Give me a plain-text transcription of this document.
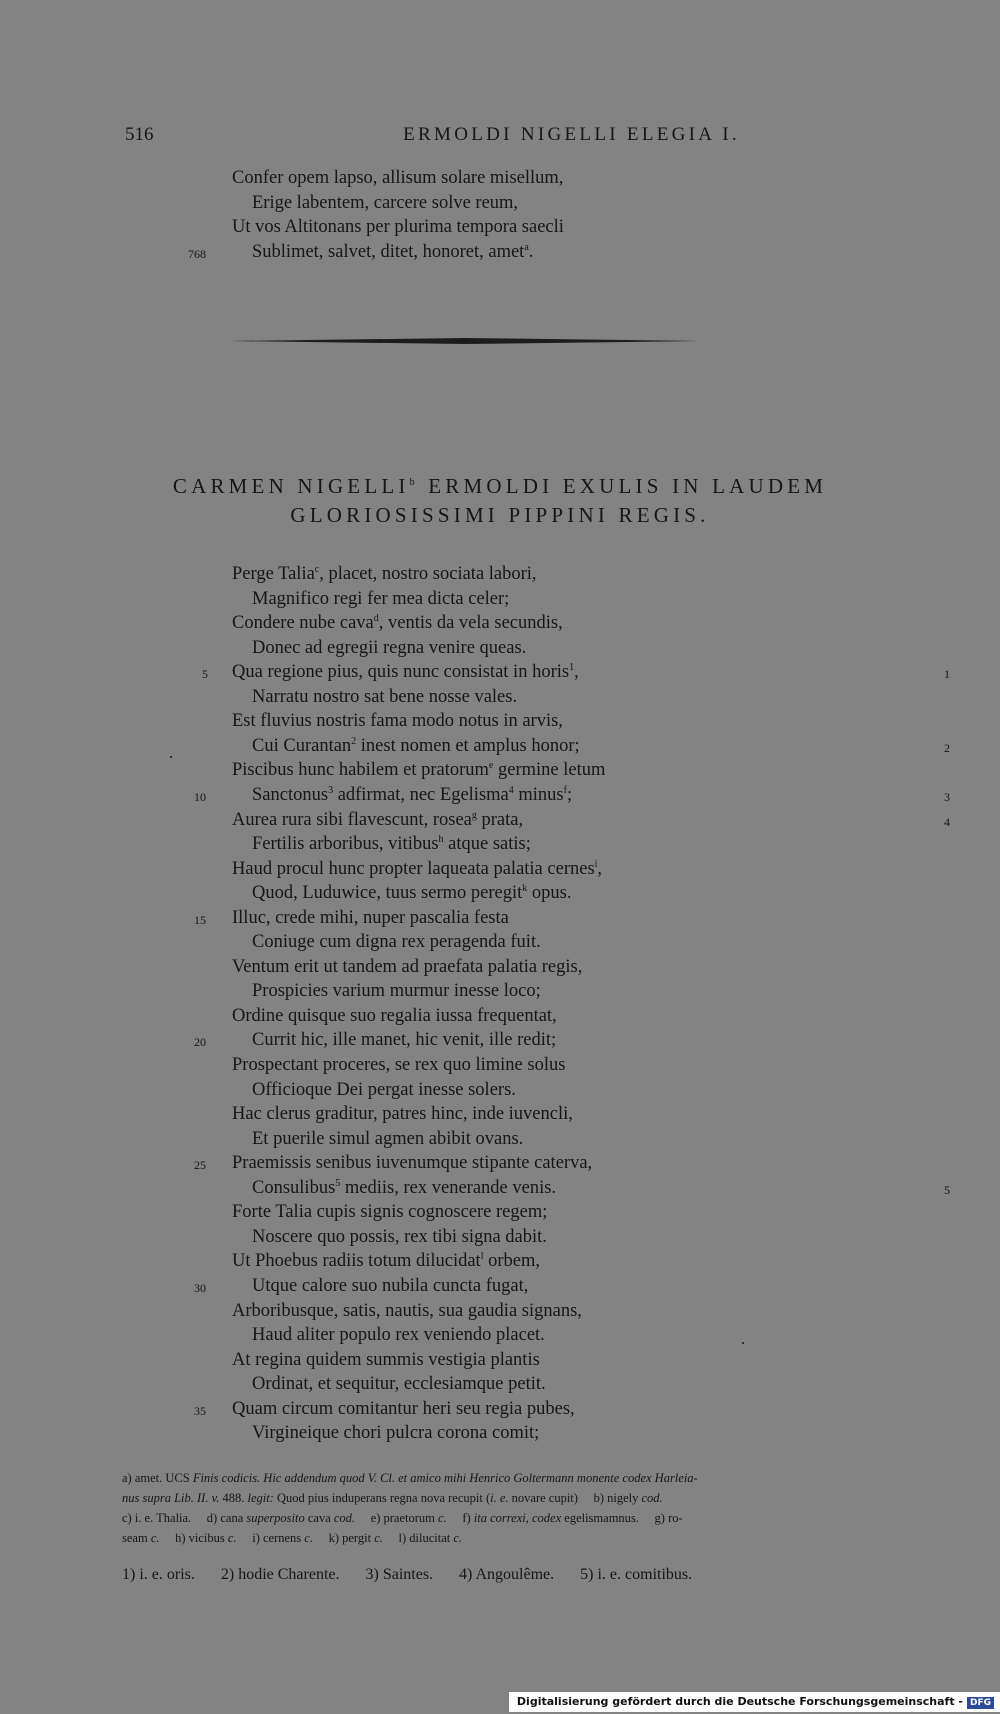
516	ERMOLDI NIGELLI ELEGIA I.
Confer opem lapso, allisum solare misellum,
Erige labentem, carcere solve reum,
Ut vos Altitonans per plurima tempora saecli
Sublimet, salvet, ditet, honoret, amet$^a$.
768
CARMEN NIGELLI$^b$ ERMOLDI EXULIS IN LAUDEM
GLORIOSISSIMI PIPPINI REGIS.
Perge Talia$^c$, placet, nostro sociata labori,
Magnifico regi fer mea dicta celer;
Condere nube cava$^d$, ventis da vela secundis,
Donec ad egregii regna venire queas.
Qua regione pius, quis nunc consistat in horis$^1$,
5	1
Narratu nostro sat bene nosse vales.
Est fluvius nostris fama modo notus in arvis,
Cui Curantan$^2$ inest nomen et amplus honor;	2
Piscibus hunc habilem et pratorum$^e$ germine letum
Sanctonus$^3$ adfirmat, nec Egelisma$^4$ minus$^f$;
10	3
Aurea rura sibi flavescunt, rosea$^g$ prata,	4
Fertilis arboribus, vitibus$^h$ atque satis;
Haud procul hunc propter laqueata palatia cernes$^i$,
Quod, Luduwice, tuus sermo peregit$^k$ opus.
Illuc, crede mihi, nuper pascalia festa
15
Coniuge cum digna rex peragenda fuit.
Ventum erit ut tandem ad praefata palatia regis,
Prospicies varium murmur inesse loco;
Ordine quisque suo regalia iussa frequentat,
Currit hic, ille manet, hic venit, ille redit;
20
Prospectant proceres, se rex quo limine solus
Officioque Dei pergat inesse solers.
Hac clerus graditur, patres hinc, inde iuvencli,
Et puerile simul agmen abibit ovans.
Praemissis senibus iuvenumque stipante caterva,
25
Consulibus$^5$ mediis, rex venerande venis.	5
Forte Talia cupis signis cognoscere regem;
Noscere quo possis, rex tibi signa dabit.
Ut Phoebus radiis totum dilucidat$^l$ orbem,
Utque calore suo nubila cuncta fugat,
30
Arboribusque, satis, nautis, sua gaudia signans,
Haud aliter populo rex veniendo placet.
At regina quidem summis vestigia plantis
Ordinat, et sequitur, ecclesiamque petit.
Quam circum comitantur heri seu regia pubes,
35
Virgineique chori pulcra corona comit;
a) amet. UCS Finis codicis. Hic addendum quod V. Cl. et amico mihi Henrico Goltermann monente codex Harleia-
nus supra Lib. II. v. 488. legit: Quod pius induperans regna nova recupit (i. e. novare cupit)     b) nigely cod.
c) i. e. Thalia.     d) cana superposito cava cod.     e) praetorum c.     f) ita correxi, codex egelismamnus.     g) ro-
seam c.     h) vicibus c.     i) cernens c.     k) pergit c.     l) dilucitat c.
1) i. e. oris. 2) hodie Charente. 3) Saintes. 4) Angoulême. 5) i. e. comitibus.
Digitalisierung gefördert durch die Deutsche Forschungsgemeinschaft - DFG
